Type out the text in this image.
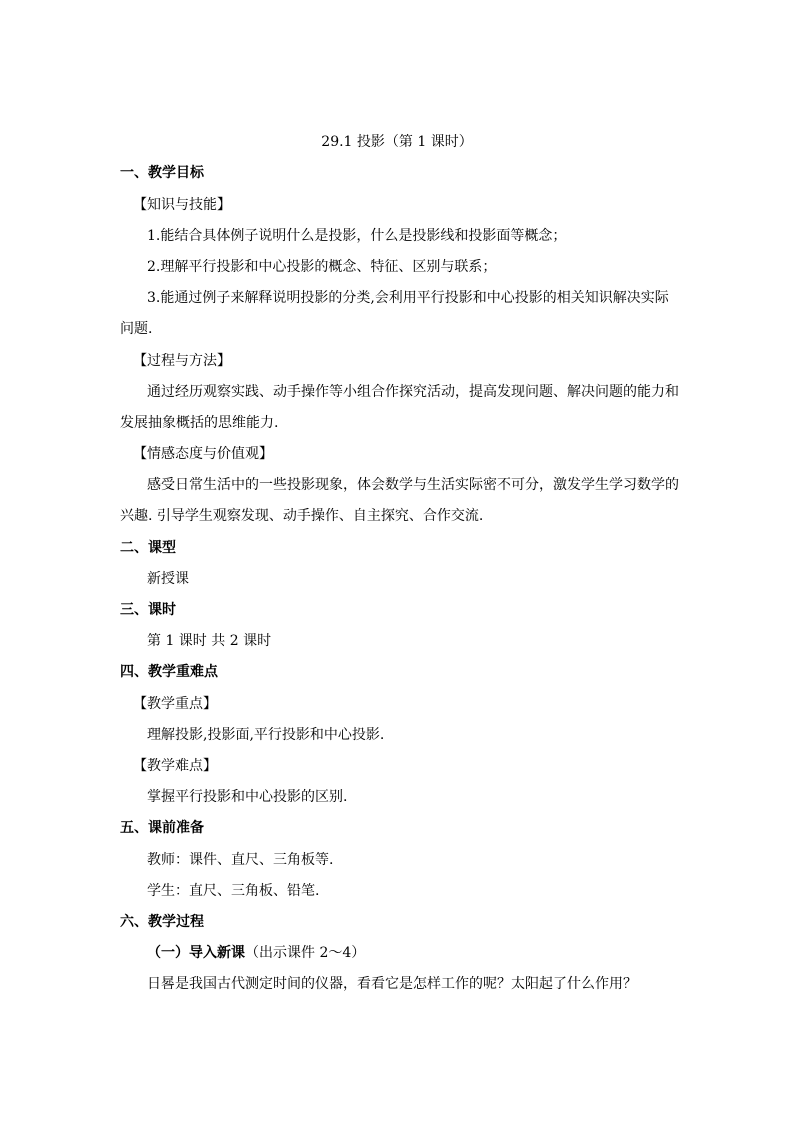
29.1 投影（第 1 课时）
一、教学目标
【知识与技能】
1.能结合具体例子说明什么是投影，什么是投影线和投影面等概念；
2.理解平行投影和中心投影的概念、特征、区别与联系；
3.能通过例子来解释说明投影的分类,会利用平行投影和中心投影的相关知识解决实际
问题.
【过程与方法】
通过经历观察实践、动手操作等小组合作探究活动，提高发现问题、解决问题的能力和
发展抽象概括的思维能力.
【情感态度与价值观】
感受日常生活中的一些投影现象，体会数学与生活实际密不可分，激发学生学习数学的
兴趣. 引导学生观察发现、动手操作、自主探究、合作交流.
二、课型
新授课
三、课时
第 1 课时 共 2 课时
四、教学重难点
【教学重点】
理解投影,投影面,平行投影和中心投影.
【教学难点】
掌握平行投影和中心投影的区别.
五、课前准备
教师：课件、直尺、三角板等.
学生：直尺、三角板、铅笔.
六、教学过程
（一）导入新课（出示课件 2～4）
日晷是我国古代测定时间的仪器，看看它是怎样工作的呢？太阳起了什么作用？
